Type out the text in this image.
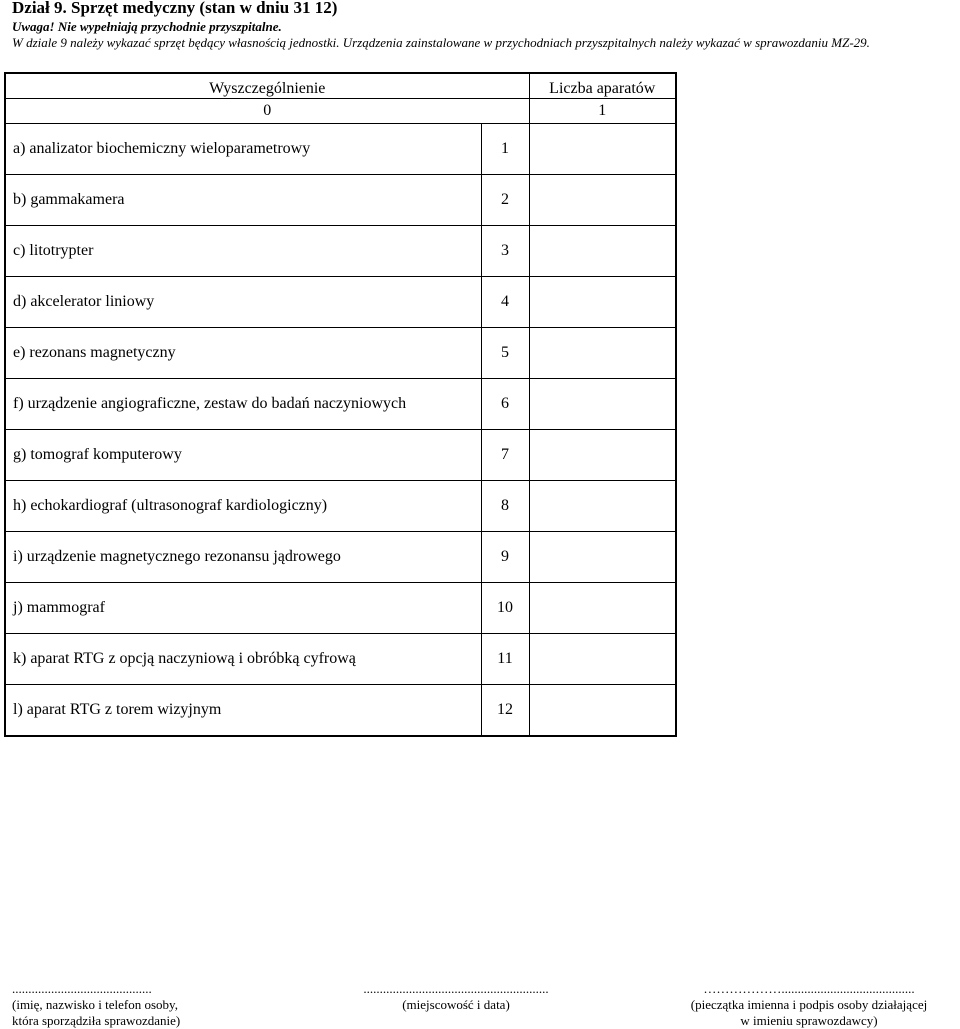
Dział 9. Sprzęt medyczny (stan w dniu 31 12)
Uwaga! Nie wypełniają przychodnie przyszpitalne.
W dziale 9 należy wykazać sprzęt będący własnością jednostki. Urządzenia zainstalowane w przychodniach przyszpitalnych należy wykazać w sprawozdaniu MZ-29.
Wyszczególnienie		Liczba aparatów
0		1
a) analizator biochemiczny wieloparametrowy	1	
b) gammakamera	2	
c) litotrypter	3	
d) akcelerator liniowy	4	
e) rezonans magnetyczny	5	
f) urządzenie angiograficzne, zestaw do badań naczyniowych	6	
g) tomograf komputerowy	7	
h) echokardiograf (ultrasonograf kardiologiczny)	8	
i) urządzenie magnetycznego rezonansu jądrowego	9	
j) mammograf	10	
k) aparat RTG z opcją naczyniową i obróbką cyfrową	11	
l) aparat RTG z torem wizyjnym	12	
...........................................
(imię, nazwisko i telefon osoby,
która sporządziła sprawozdanie)
.........................................................
(miejscowość i data)
……………….........................................
(pieczątka imienna i podpis osoby działającej
w imieniu sprawozdawcy)
